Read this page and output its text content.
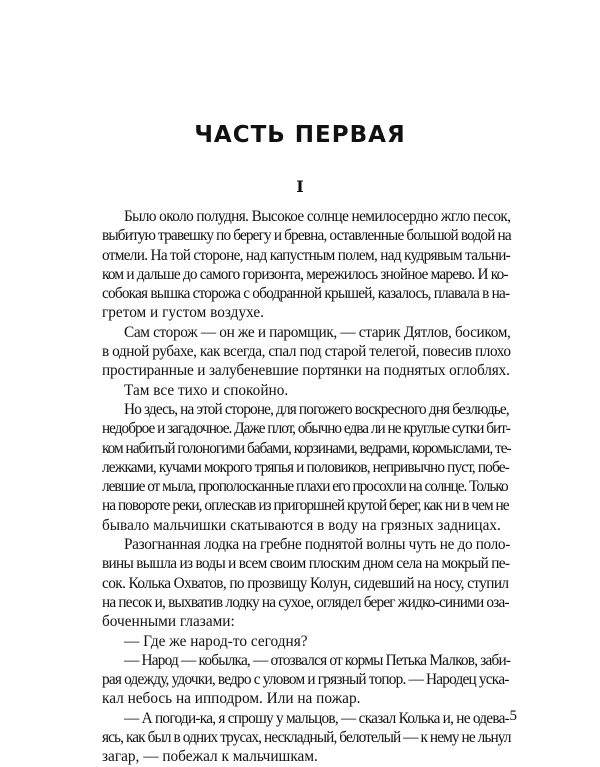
ЧАСТЬ ПЕРВАЯ
I
Было около полудня. Высокое солнце немилосердно жгло песок,
выбитую травешку по берегу и бревна, оставленные большой водой на
отмели. На той стороне, над капустным полем, над кудрявым тальни-
ком и дальше до самого горизонта, мережилось знойное марево. И ко-
собокая вышка сторожа с ободранной крышей, казалось, плавала в на-
гретом и густом воздухе.
Сам сторож — он же и паромщик, — старик Дятлов, босиком,
в одной рубахе, как всегда, спал под старой телегой, повесив плохо
простиранные и залубеневшие портянки на поднятых оглоблях.
Там все тихо и спокойно.
Но здесь, на этой стороне, для погожего воскресного дня безлюдье,
недоброе и загадочное. Даже плот, обычно едва ли не круглые сутки бит-
ком набитый голоногими бабами, корзинами, ведрами, коромыслами, те-
лежками, кучами мокрого тряпья и половиков, непривычно пуст, побе-
левшие от мыла, прополосканные плахи его просохли на солнце. Только
на повороте реки, оплескав из пригоршней крутой берег, как ни в чем не
бывало мальчишки скатываются в воду на грязных задницах.
Разогнанная лодка на гребне поднятой волны чуть не до поло-
вины вышла из воды и всем своим плоским дном села на мокрый пе-
сок. Колька Охватов, по прозвищу Колун, сидевший на носу, ступил
на песок и, выхватив лодку на сухое, оглядел берег жидко-синими оза-
боченными глазами:
— Где же народ-то сегодня?
— Народ — кобылка, — отозвался от кормы Петька Малков, заби-
рая одежду, удочки, ведро с уловом и грязный топор. — Народец ускa-
кал небось на ипподром. Или на пожар.
— А погоди-ка, я спрошу у мальцов, — сказал Колька и, не одева-
ясь, как был в одних трусах, нескладный, белотелый — к нему не льнул
загар, — побежал к мальчишкам.
5
